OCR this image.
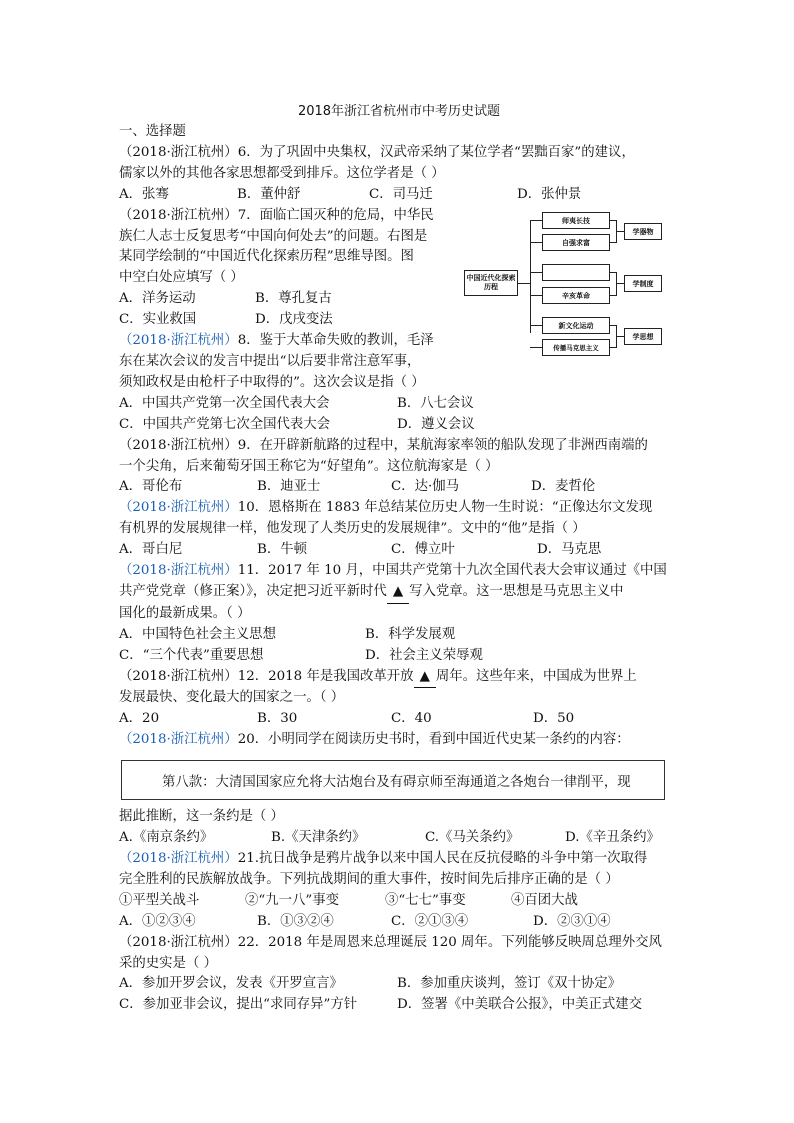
2018年浙江省杭州市中考历史试题
一、选择题
（2018·浙江杭州）6．为了巩固中央集权，汉武帝采纳了某位学者“罢黜百家”的建议，
儒家以外的其他各家思想都受到排斥。这位学者是（ ）
A．张骞	B．董仲舒	C．司马迁	D．张仲景
（2018·浙江杭州）7．面临亡国灭种的危局，中华民
族仁人志士反复思考“中国向何处去”的问题。右图是
某同学绘制的“中国近代化探索历程”思维导图。图
中空白处应填写（ ）
A．洋务运动	B．尊孔复古
C．实业救国	D．戊戌变法
（2018·浙江杭州）8．鉴于大革命失败的教训，毛泽
东在某次会议的发言中提出“以后要非常注意军事，
须知政权是由枪杆子中取得的”。这次会议是指（ ）
A．中国共产党第一次全国代表大会	B．八七会议
C．中国共产党第七次全国代表大会	D．遵义会议
（2018·浙江杭州）9．在开辟新航路的过程中，某航海家率领的船队发现了非洲西南端的
一个尖角，后来葡萄牙国王称它为“好望角”。这位航海家是（ ）
A．哥伦布	B．迪亚士	C．达·伽马	D．麦哲伦
（2018·浙江杭州）10．恩格斯在 1883 年总结某位历史人物一生时说：“正像达尔文发现
有机界的发展规律一样，他发现了人类历史的发展规律”。文中的“他”是指（ ）
A．哥白尼	B．牛顿	C．傅立叶	D．马克思
（2018·浙江杭州）11．2017 年 10 月，中国共产党第十九次全国代表大会审议通过《中国
共产党党章（修正案）》，决定把习近平新时代 ▲ 写入党章。这一思想是马克思主义中
国化的最新成果。（ ）
A．中国特色社会主义思想	B．科学发展观
C．“三个代表”重要思想	D．社会主义荣辱观
（2018·浙江杭州）12．2018 年是我国改革开放 ▲ 周年。这些年来，中国成为世界上
发展最快、变化最大的国家之一。（ ）
A．20	B．30	C．40	D．50
（2018·浙江杭州）20．小明同学在阅读历史书时，看到中国近代史某一条约的内容：
第八款：大清国国家应允将大沽炮台及有碍京师至海通道之各炮台一律削平，现
据此推断，这一条约是（ ）
A.《南京条约》	B.《天津条约》	C.《马关条约》	D.《辛丑条约》
（2018·浙江杭州）21.抗日战争是鸦片战争以来中国人民在反抗侵略的斗争中第一次取得
完全胜利的民族解放战争。下列抗战期间的重大事件，按时间先后排序正确的是（ ）
①平型关战斗	②“九一八”事变	③“七七”事变	④百团大战
A．①②③④	B．①③②④	C．②①③④	D．②③①④
（2018·浙江杭州）22．2018 年是周恩来总理诞辰 120 周年。下列能够反映周总理外交风
采的史实是（ ）
A．参加开罗会议，发表《开罗宣言》	B．参加重庆谈判，签订《双十协定》
C．参加亚非会议，提出“求同存异”方针	D．签署《中美联合公报》，中美正式建交
中国近代化探索历程
师夷长技
自强求富
辛亥革命
新文化运动
传播马克思主义
学器物
学制度
学思想
